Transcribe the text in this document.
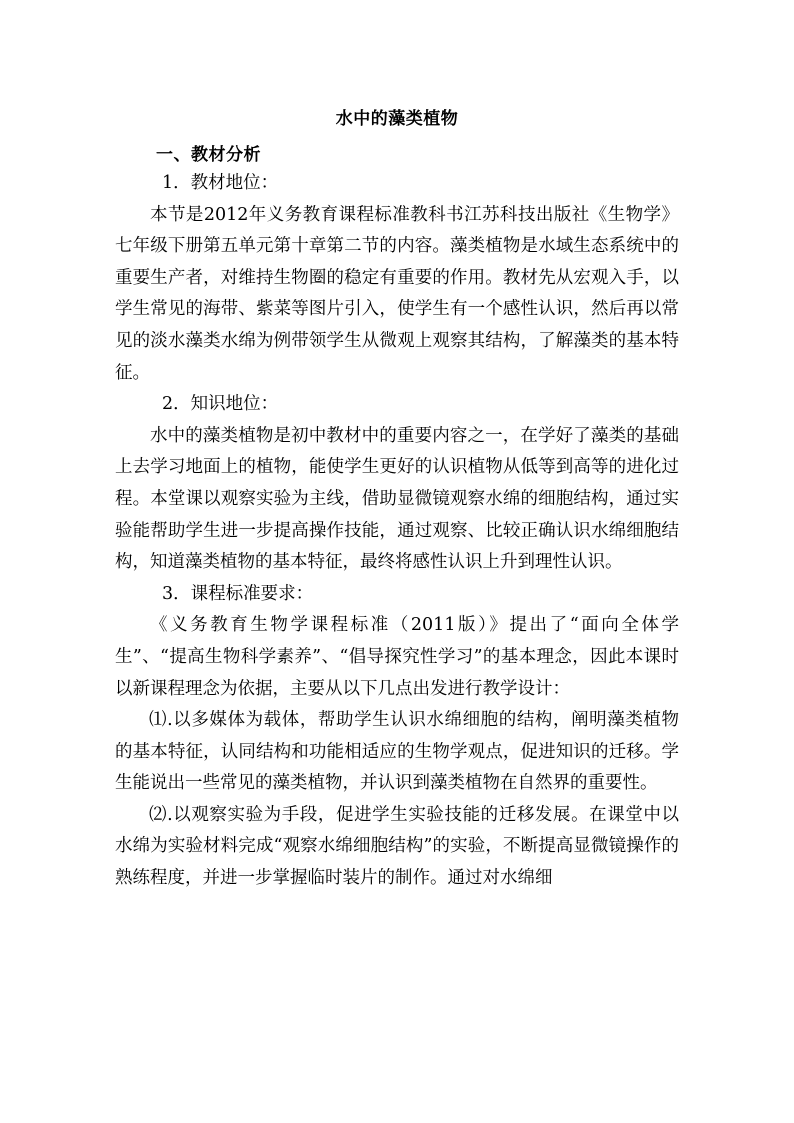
水中的藻类植物
一、教材分析

1．教材地位：

本节是2012年义务教育课程标准教科书江苏科技出版社《生物学》七年级下册第五单元第十章第二节的内容。藻类植物是水域生态系统中的重要生产者，对维持生物圈的稳定有重要的作用。教材先从宏观入手，以学生常见的海带、紫菜等图片引入，使学生有一个感性认识，然后再以常见的淡水藻类水绵为例带领学生从微观上观察其结构，了解藻类的基本特征。

2．知识地位：

水中的藻类植物是初中教材中的重要内容之一，在学好了藻类的基础上去学习地面上的植物，能使学生更好的认识植物从低等到高等的进化过程。本堂课以观察实验为主线，借助显微镜观察水绵的细胞结构，通过实验能帮助学生进一步提高操作技能，通过观察、比较正确认识水绵细胞结构，知道藻类植物的基本特征，最终将感性认识上升到理性认识。

3．课程标准要求：

《义务教育生物学课程标准（2011版）》提出了“面向全体学生”、“提高生物科学素养”、“倡导探究性学习”的基本理念，因此本课时以新课程理念为依据，主要从以下几点出发进行教学设计：

⑴.以多媒体为载体，帮助学生认识水绵细胞的结构，阐明藻类植物的基本特征，认同结构和功能相适应的生物学观点，促进知识的迁移。学生能说出一些常见的藻类植物，并认识到藻类植物在自然界的重要性。

⑵.以观察实验为手段，促进学生实验技能的迁移发展。在课堂中以水绵为实验材料完成“观察水绵细胞结构”的实验，不断提高显微镜操作的熟练程度，并进一步掌握临时装片的制作。通过对水绵细
